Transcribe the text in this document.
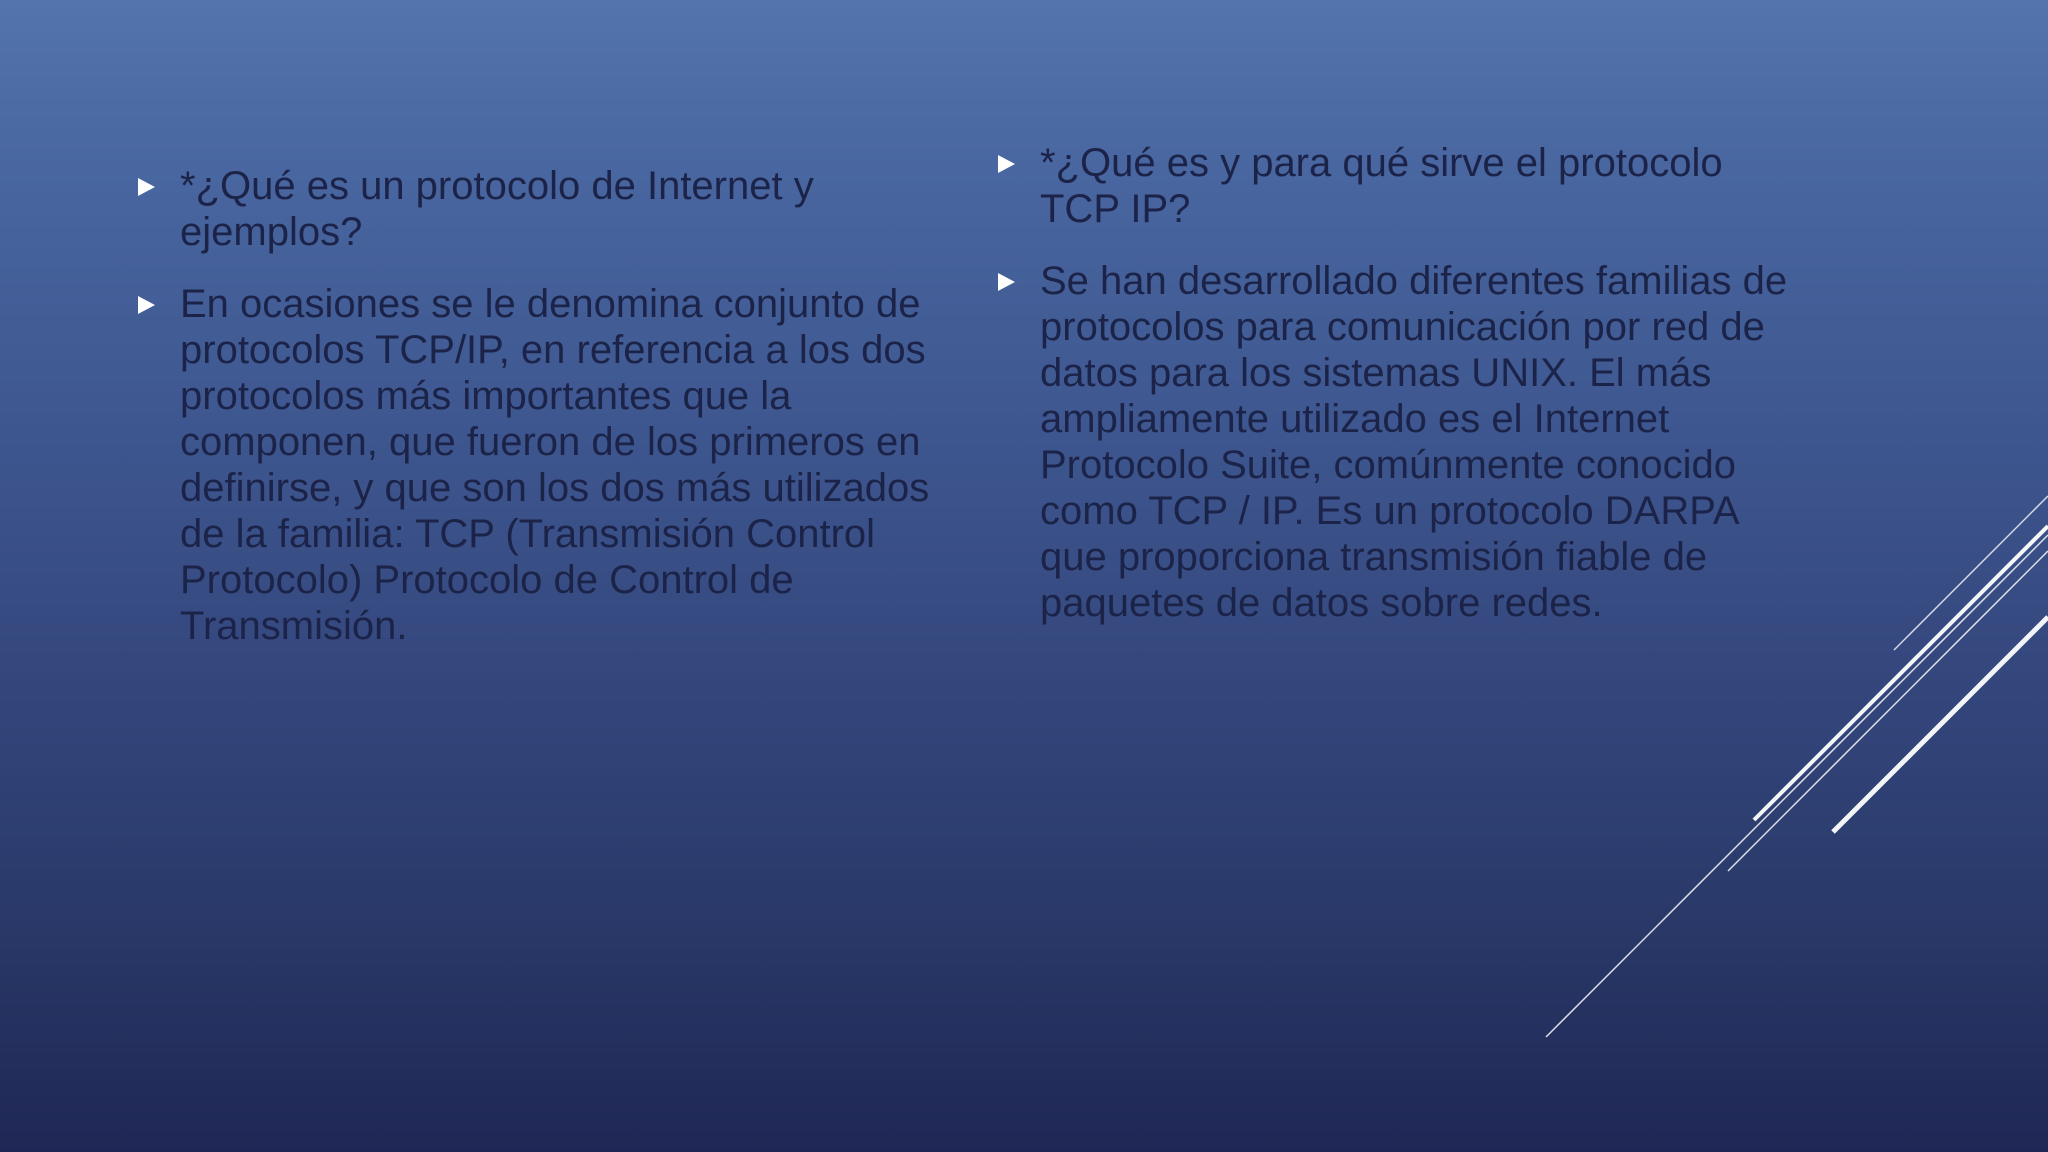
*¿Qué es un protocolo de Internet y ejemplos?
En ocasiones se le denomina conjunto de protocolos TCP/IP, en referencia a los dos protocolos más importantes que la componen, que fueron de los primeros en definirse, y que son los dos más utilizados de la familia: TCP (Transmisión Control Protocolo) Protocolo de Control de Transmisión.
*¿Qué es y para qué sirve el protocolo TCP IP?
Se han desarrollado diferentes familias de protocolos para comunicación por red de datos para los sistemas UNIX. El más ampliamente utilizado es el Internet Protocolo Suite, comúnmente conocido como TCP / IP. Es un protocolo DARPA que proporciona transmisión fiable de paquetes de datos sobre redes.
